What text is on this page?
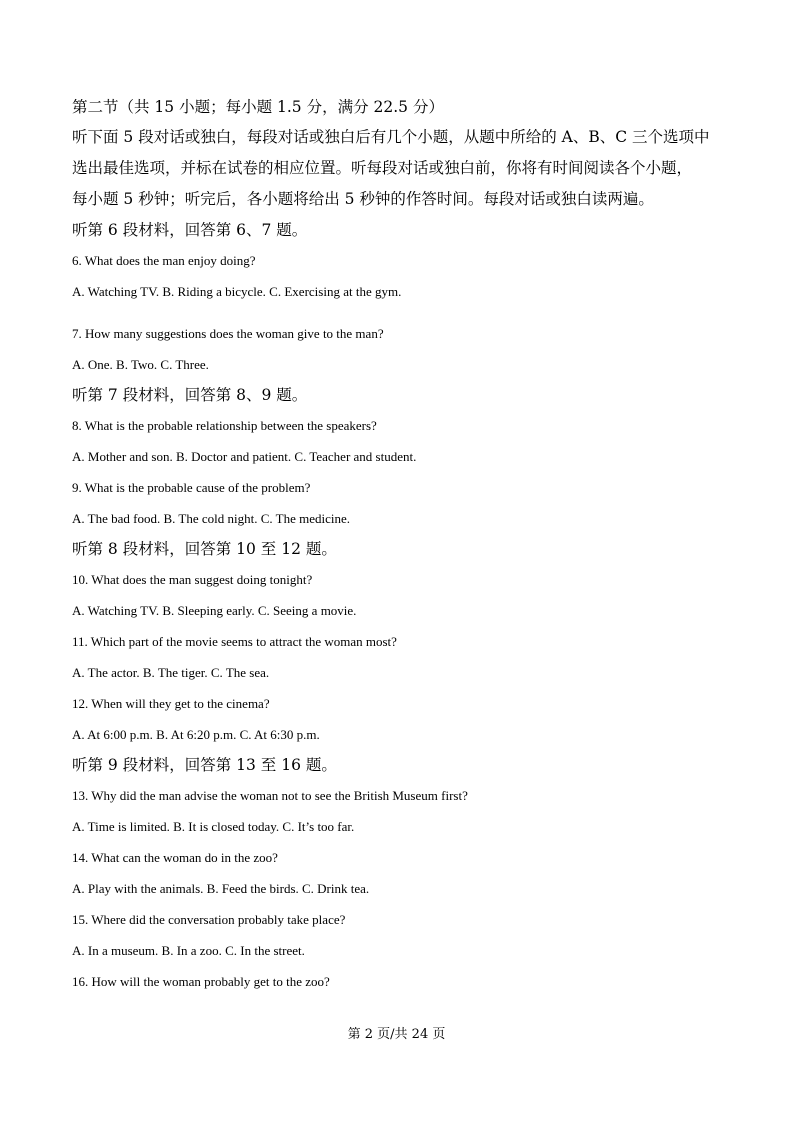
第二节（共 15 小题；每小题 1.5 分，满分 22.5 分）

听下面 5 段对话或独白，每段对话或独白后有几个小题，从题中所给的 A、B、C 三个选项中

选出最佳选项，并标在试卷的相应位置。听每段对话或独白前，你将有时间阅读各个小题，

每小题 5 秒钟；听完后，各小题将给出 5 秒钟的作答时间。每段对话或独白读两遍。

听第 6 段材料，回答第 6、7 题。

6. What does the man enjoy doing?

A. Watching TV. B. Riding a bicycle. C. Exercising at the gym.

7. How many suggestions does the woman give to the man?

A. One. B. Two. C. Three.

听第 7 段材料，回答第 8、9 题。

8. What is the probable relationship between the speakers?

A. Mother and son. B. Doctor and patient. C. Teacher and student.

9. What is the probable cause of the problem?

A. The bad food. B. The cold night. C. The medicine.

听第 8 段材料，回答第 10 至 12 题。

10. What does the man suggest doing tonight?

A. Watching TV. B. Sleeping early. C. Seeing a movie.

11. Which part of the movie seems to attract the woman most?

A. The actor. B. The tiger. C. The sea.

12. When will they get to the cinema?

A. At 6:00 p.m. B. At 6:20 p.m. C. At 6:30 p.m.

听第 9 段材料，回答第 13 至 16 题。

13. Why did the man advise the woman not to see the British Museum first?

A. Time is limited. B. It is closed today. C. It’s too far.

14. What can the woman do in the zoo?

A. Play with the animals. B. Feed the birds. C. Drink tea.

15. Where did the conversation probably take place?

A. In a museum. B. In a zoo. C. In the street.

16. How will the woman probably get to the zoo?

第 2 页/共 24 页
